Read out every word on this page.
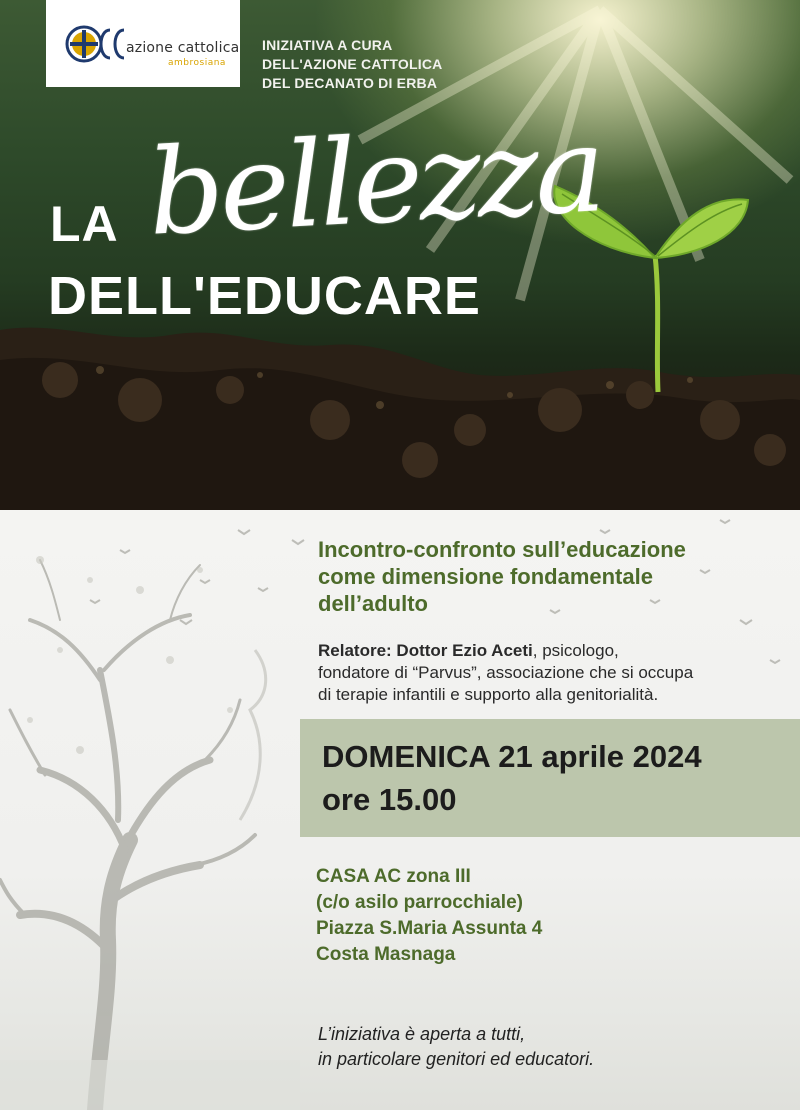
azione cattolica
ambrosiana
INIZIATIVA A CURA
DELL'AZIONE CATTOLICA
DEL DECANATO DI ERBA
bellezza
LA
DELL'EDUCARE
Incontro-confronto sull’educazione
come dimensione fondamentale
dell’adulto
Relatore: Dottor Ezio Aceti, psicologo,
fondatore di “Parvus”, associazione che si occupa
di terapie infantili e supporto alla genitorialità.
DOMENICA 21 aprile 2024
ore 15.00
CASA AC zona III
(c/o asilo parrocchiale)
Piazza S.Maria Assunta 4
Costa Masnaga
L’iniziativa è aperta a tutti,
in particolare genitori ed educatori.
